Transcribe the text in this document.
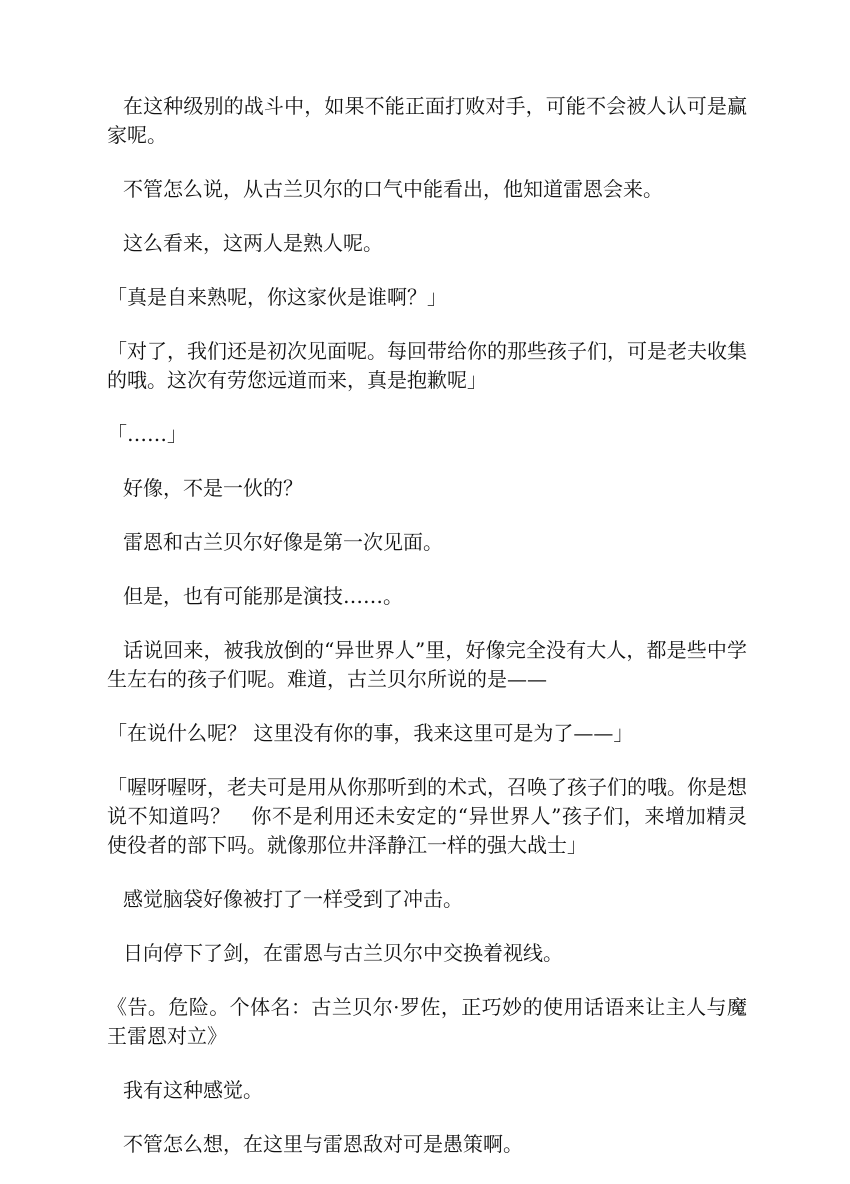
在这种级别的战斗中，如果不能正面打败对手，可能不会被人认可是赢家呢。

不管怎么说，从古兰贝尔的口气中能看出，他知道雷恩会来。

这么看来，这两人是熟人呢。

「真是自来熟呢，你这家伙是谁啊？」

「对了，我们还是初次见面呢。每回带给你的那些孩子们，可是老夫收集的哦。这次有劳您远道而来，真是抱歉呢」

「……」

好像，不是一伙的？

雷恩和古兰贝尔好像是第一次见面。

但是，也有可能那是演技……。

话说回来，被我放倒的“异世界人”里，好像完全没有大人，都是些中学生左右的孩子们呢。难道，古兰贝尔所说的是——

「在说什么呢？ 这里没有你的事，我来这里可是为了——」

「喔呀喔呀，老夫可是用从你那听到的术式，召唤了孩子们的哦。你是想说不知道吗？　你不是利用还未安定的“异世界人”孩子们，来增加精灵使役者的部下吗。就像那位井泽静江一样的强大战士」

感觉脑袋好像被打了一样受到了冲击。

日向停下了剑，在雷恩与古兰贝尔中交换着视线。

《告。危险。个体名：古兰贝尔·罗佐，正巧妙的使用话语来让主人与魔王雷恩对立》

我有这种感觉。

不管怎么想，在这里与雷恩敌对可是愚策啊。
